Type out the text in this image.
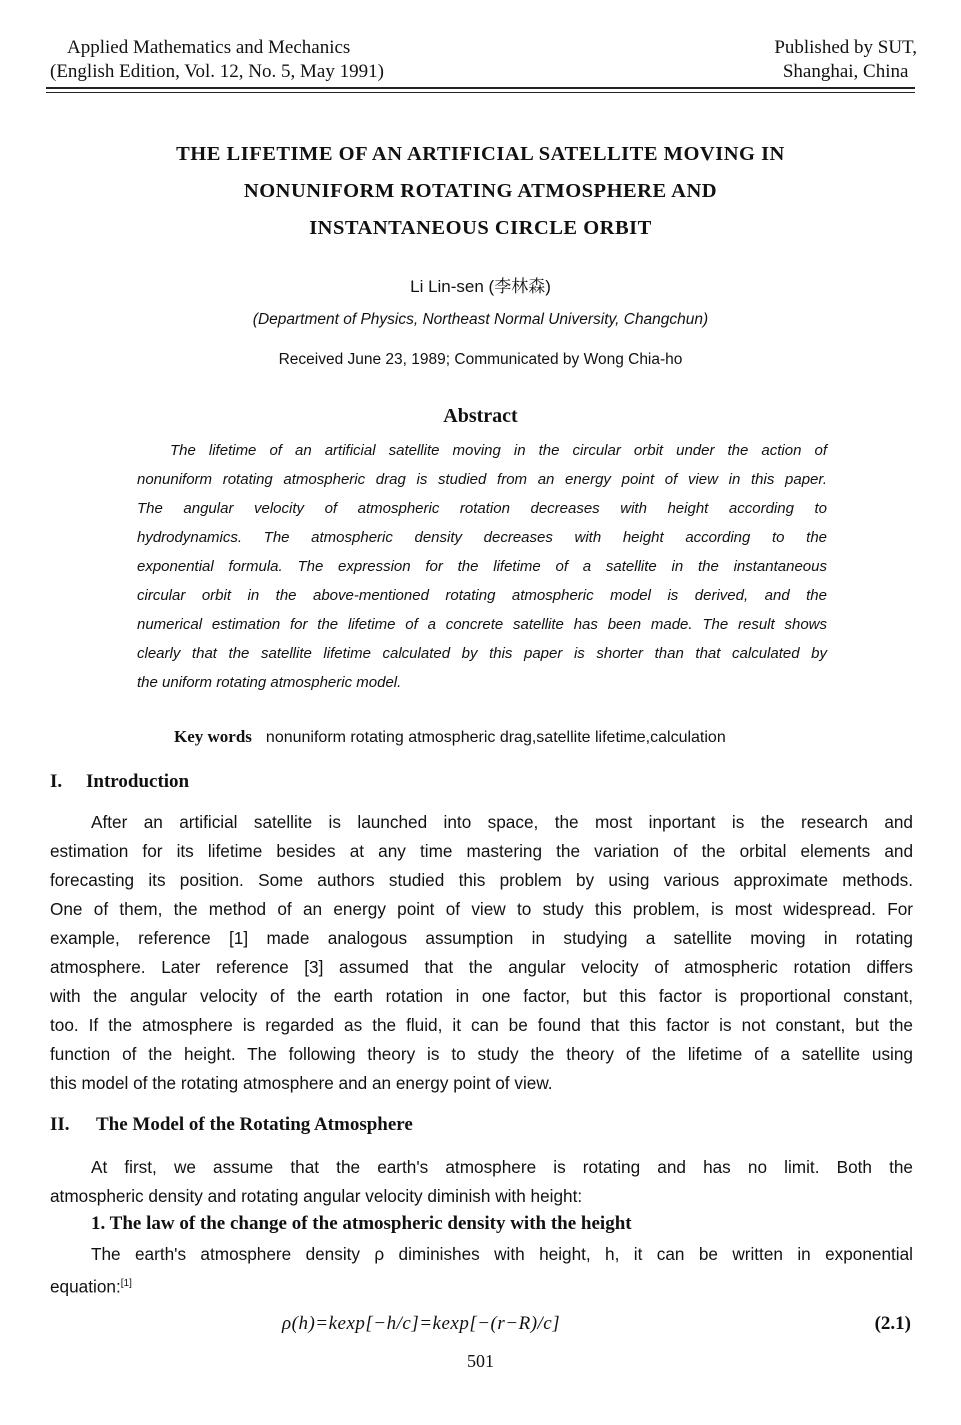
Applied Mathematics and Mechanics
(English Edition, Vol. 12, No. 5, May 1991)
Published by SUT,
Shanghai, China
THE LIFETIME OF AN ARTIFICIAL SATELLITE MOVING IN
NONUNIFORM ROTATING ATMOSPHERE AND
INSTANTANEOUS CIRCLE ORBIT
Li Lin-sen (李林森)
(Department of Physics, Northeast Normal University, Changchun)
Received June 23, 1989; Communicated by Wong Chia-ho
Abstract
The lifetime of an artificial satellite moving in the circular orbit under the action of
nonuniform rotating atmospheric drag is studied from an energy point of view in this paper.
The angular velocity of atmospheric rotation decreases with height according to
hydrodynamics. The atmospheric density decreases with height according to the
exponential formula. The expression for the lifetime of a satellite in the instantaneous
circular orbit in the above-mentioned rotating atmospheric model is derived, and the
numerical estimation for the lifetime of a concrete satellite has been made. The result shows
clearly that the satellite lifetime calculated by this paper is shorter than that calculated by
the uniform rotating atmospheric model.
Key words nonuniform rotating atmospheric drag,satellite lifetime,calculation
I. Introduction
After an artificial satellite is launched into space, the most inportant is the research and
estimation for its lifetime besides at any time mastering the variation of the orbital elements and
forecasting its position. Some authors studied this problem by using various approximate methods.
One of them, the method of an energy point of view to study this problem, is most widespread. For
example, reference [1] made analogous assumption in studying a satellite moving in rotating
atmosphere. Later reference [3] assumed that the angular velocity of atmospheric rotation differs
with the angular velocity of the earth rotation in one factor, but this factor is proportional constant,
too. If the atmosphere is regarded as the fluid, it can be found that this factor is not constant, but the
function of the height. The following theory is to study the theory of the lifetime of a satellite using
this model of the rotating atmosphere and an energy point of view.
II. The Model of the Rotating Atmosphere
At first, we assume that the earth's atmosphere is rotating and has no limit. Both the
atmospheric density and rotating angular velocity diminish with height:
1. The law of the change of the atmospheric density with the height
The earth's atmosphere density ρ diminishes with height, h, it can be written in exponential
equation:[1]
ρ(h)=kexp[−h/c]=kexp[−(r−R)/c]	(2.1)
501
